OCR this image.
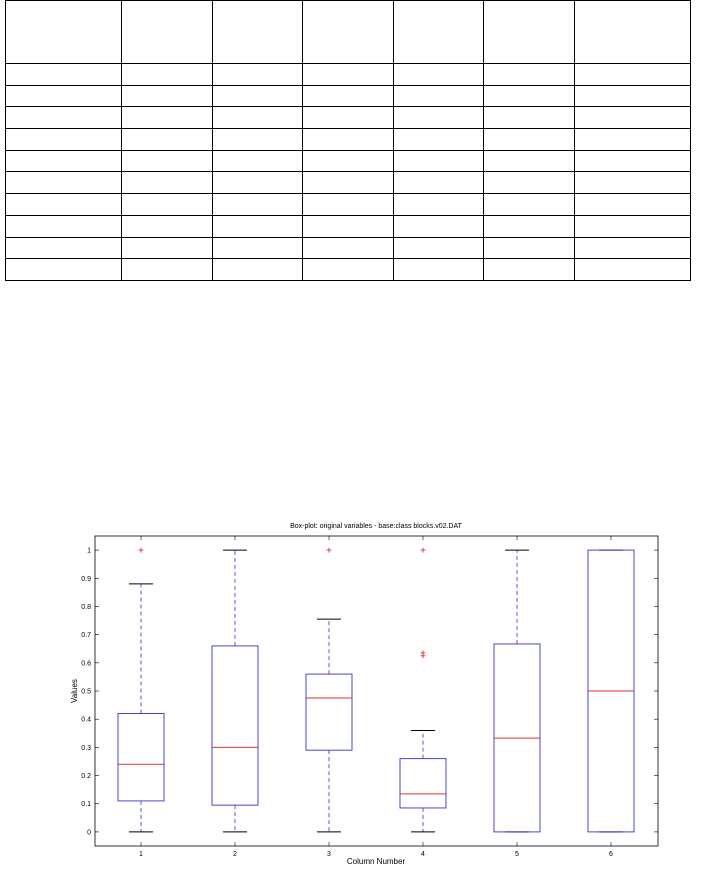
Box-plot: original variables - base:class blocks.v02.DAT
0
0.1
0.2
0.3
0.4
0.5
0.6
0.7
0.8
0.9
1
1	2	3	4	5	6
Column Number
Values
